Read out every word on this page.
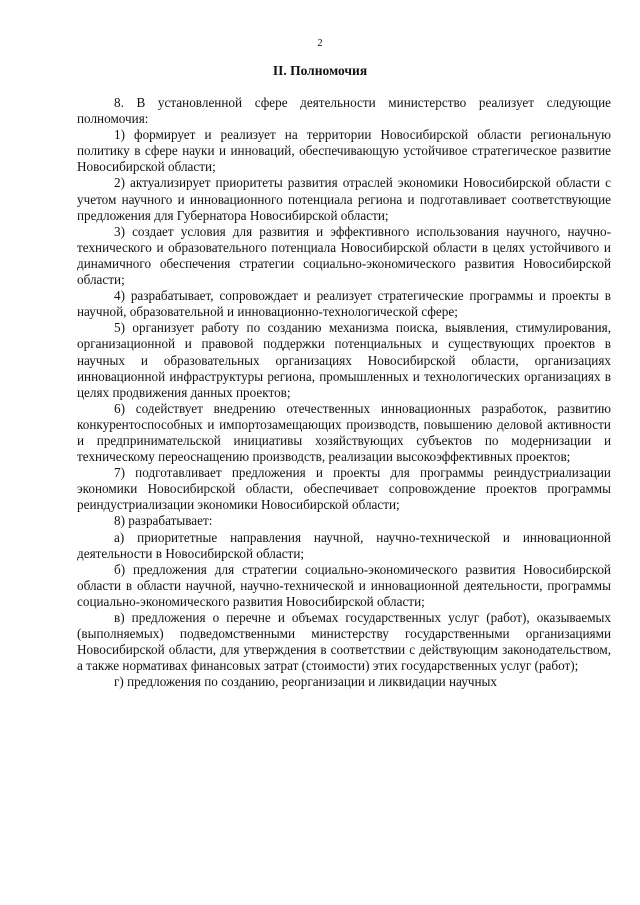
2
II. Полномочия

8. В установленной сфере деятельности министерство реализует следующие полномочия:

1) формирует и реализует на территории Новосибирской области региональную политику в сфере науки и инноваций, обеспечивающую устойчивое стратегическое развитие Новосибирской области;

2) актуализирует приоритеты развития отраслей экономики Новосибирской области с учетом научного и инновационного потенциала региона и подготавливает соответствующие предложения для Губернатора Новосибирской области;

3) создает условия для развития и эффективного использования научного, научно-технического и образовательного потенциала Новосибирской области в целях устойчивого и динамичного обеспечения стратегии социально-экономического развития Новосибирской области;

4) разрабатывает, сопровождает и реализует стратегические программы и проекты в научной, образовательной и инновационно-технологической сфере;

5) организует работу по созданию механизма поиска, выявления, стимулирования, организационной и правовой поддержки потенциальных и существующих проектов в научных и образовательных организациях Новосибирской области, организациях инновационной инфраструктуры региона, промышленных и технологических организациях в целях продвижения данных проектов;

6) содействует внедрению отечественных инновационных разработок, развитию конкурентоспособных и импортозамещающих производств, повышению деловой активности и предпринимательской инициативы хозяйствующих субъектов по модернизации и техническому переоснащению производств, реализации высокоэффективных проектов;

7) подготавливает предложения и проекты для программы реиндустриализации экономики Новосибирской области, обеспечивает сопровождение проектов программы реиндустриализации экономики Новосибирской области;

8) разрабатывает:

а) приоритетные направления научной, научно-технической и инновационной деятельности в Новосибирской области;

б) предложения для стратегии социально-экономического развития Новосибирской области в области научной, научно-технической и инновационной деятельности, программы социально-экономического развития Новосибирской области;

в) предложения о перечне и объемах государственных услуг (работ), оказываемых (выполняемых) подведомственными министерству государственными организациями Новосибирской области, для утверждения в соответствии с действующим законодательством, а также нормативах финансовых затрат (стоимости) этих государственных услуг (работ);

г) предложения по созданию, реорганизации и ликвидации научных
